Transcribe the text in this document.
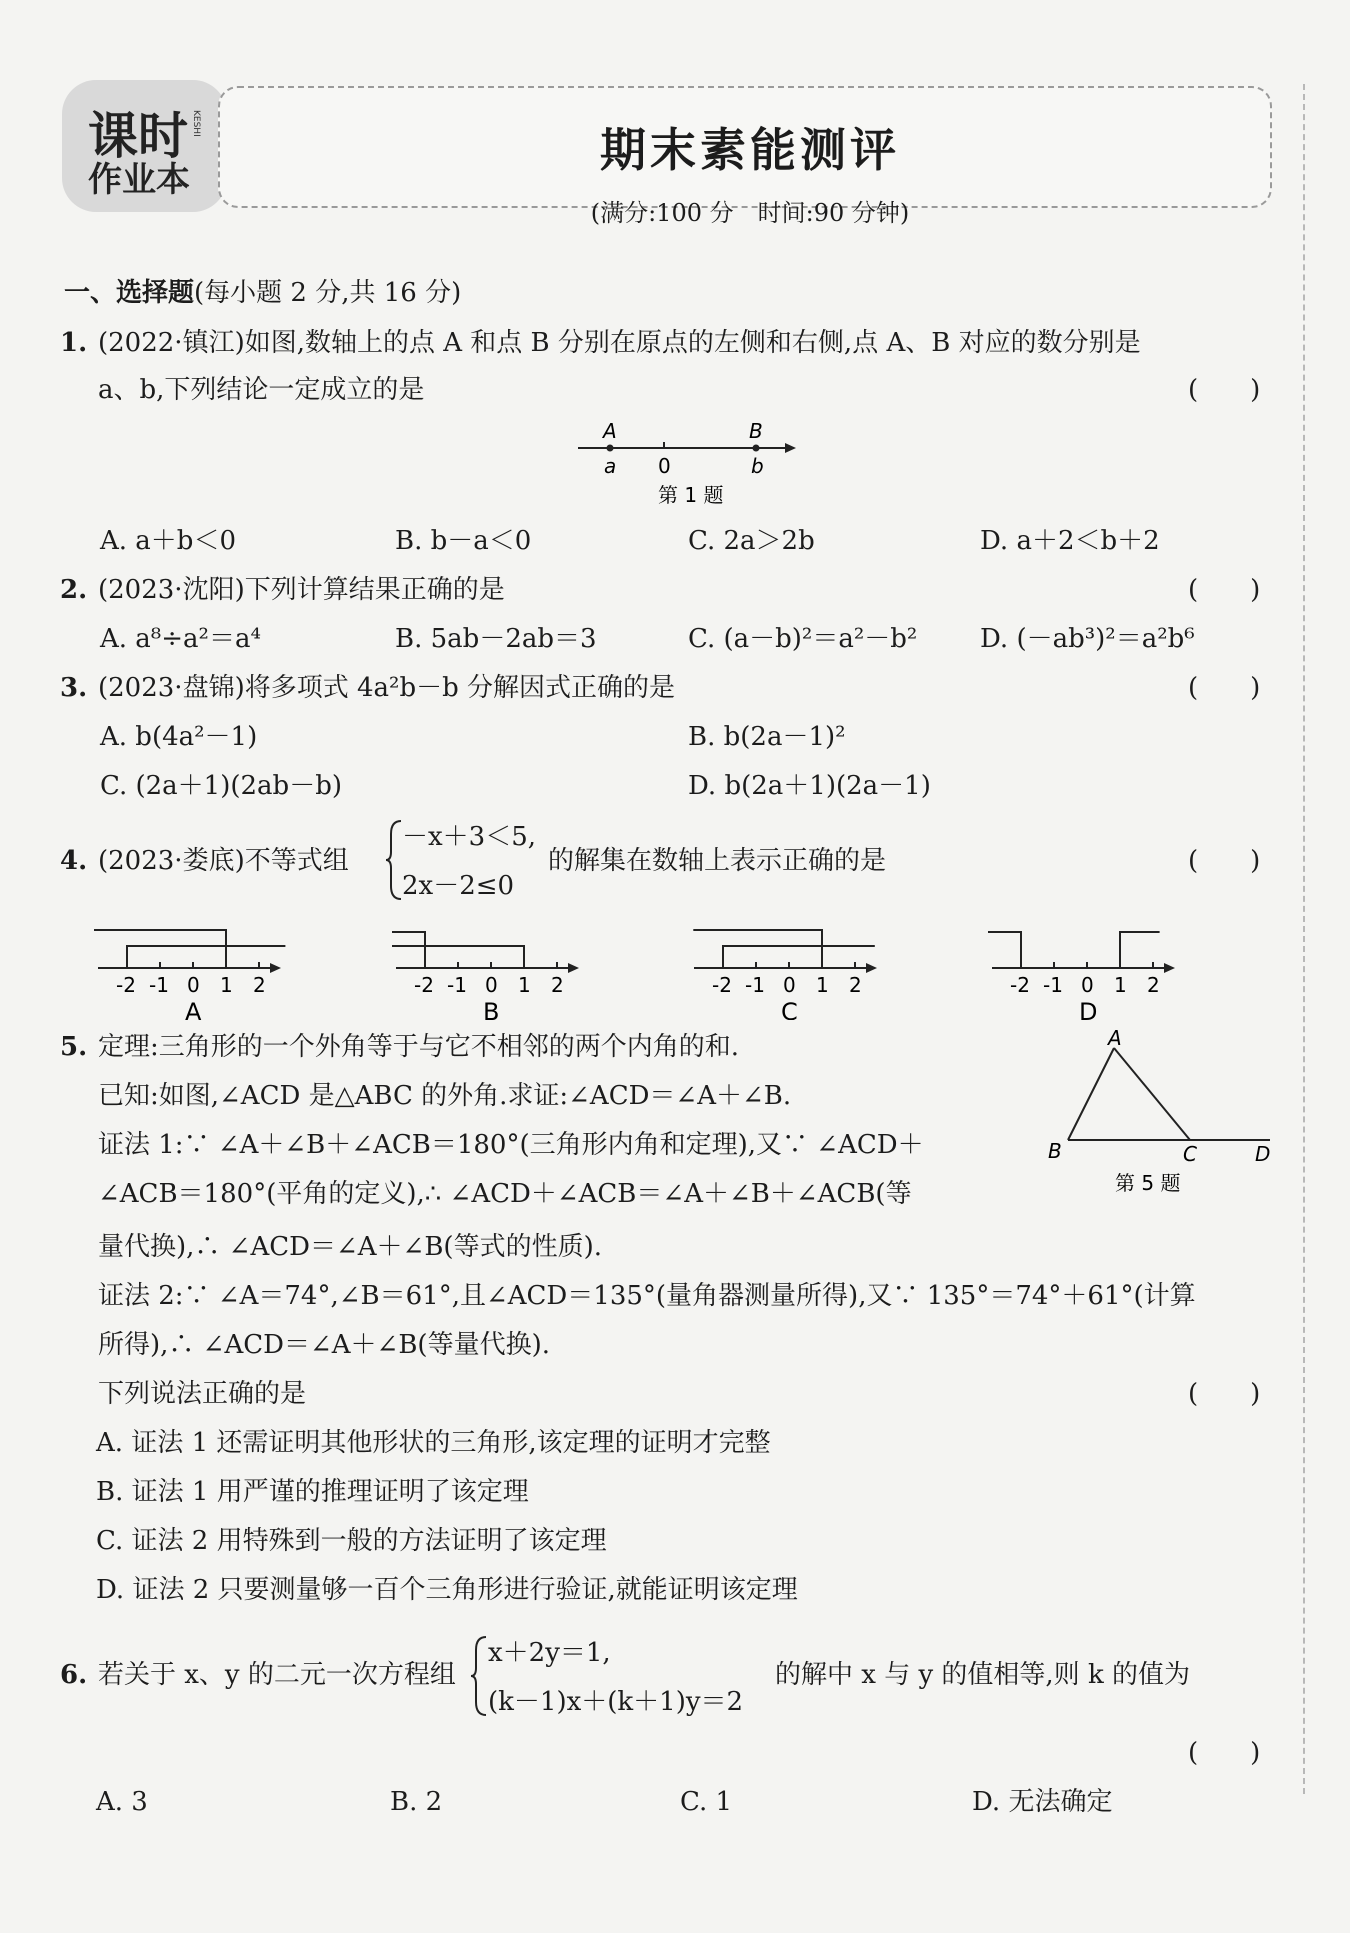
课时
作业本
KESHI	期末素能测评
(满分:100 分　时间:90 分钟)
一、选择题(每小题 2 分,共 16 分)
1. (2022·镇江)如图,数轴上的点 A 和点 B 分别在原点的左侧和右侧,点 A、B 对应的数分别是
a、b,下列结论一定成立的是	(　　)
A	B
a 0	b
第 1 题
A. a＋b＜0	B. b－a＜0	C. 2a＞2b	D. a＋2＜b＋2
2. (2023·沈阳)下列计算结果正确的是	(　　)
A. a⁸÷a²＝a⁴	B. 5ab－2ab＝3	C. (a－b)²＝a²－b² D. (－ab³)²＝a²b⁶
3. (2023·盘锦)将多项式 4a²b－b 分解因式正确的是	(　　)
A. b(4a²－1)	B. b(2a－1)²
C. (2a＋1)(2ab－b)	D. b(2a＋1)(2a－1)
4. (2023·娄底)不等式组
－x＋3＜5,
2x－2≤0
的解集在数轴上表示正确的是	(　　)
-2 -1 0 1 2
A
-2 -1 0 1 2
B
-2 -1 0 1 2
C
-2 -1 0 1 2
D
5. 定理:三角形的一个外角等于与它不相邻的两个内角的和.
已知:如图,∠ACD 是△ABC 的外角.求证:∠ACD＝∠A＋∠B.
证法 1:∵ ∠A＋∠B＋∠ACB＝180°(三角形内角和定理),又∵ ∠ACD＋
∠ACB＝180°(平角的定义),∴ ∠ACD＋∠ACB＝∠A＋∠B＋∠ACB(等
量代换),∴ ∠ACD＝∠A＋∠B(等式的性质).
证法 2:∵ ∠A＝74°,∠B＝61°,且∠ACD＝135°(量角器测量所得),又∵ 135°＝74°＋61°(计算
所得),∴ ∠ACD＝∠A＋∠B(等量代换).
下列说法正确的是	(　　)
A
B	C	D
第 5 题
A. 证法 1 还需证明其他形状的三角形,该定理的证明才完整
B. 证法 1 用严谨的推理证明了该定理
C. 证法 2 用特殊到一般的方法证明了该定理
D. 证法 2 只要测量够一百个三角形进行验证,就能证明该定理
6. 若关于 x、y 的二元一次方程组
x＋2y＝1,
(k－1)x＋(k＋1)y＝2
的解中 x 与 y 的值相等,则 k 的值为
(　　)
A. 3	B. 2	C. 1	D. 无法确定
